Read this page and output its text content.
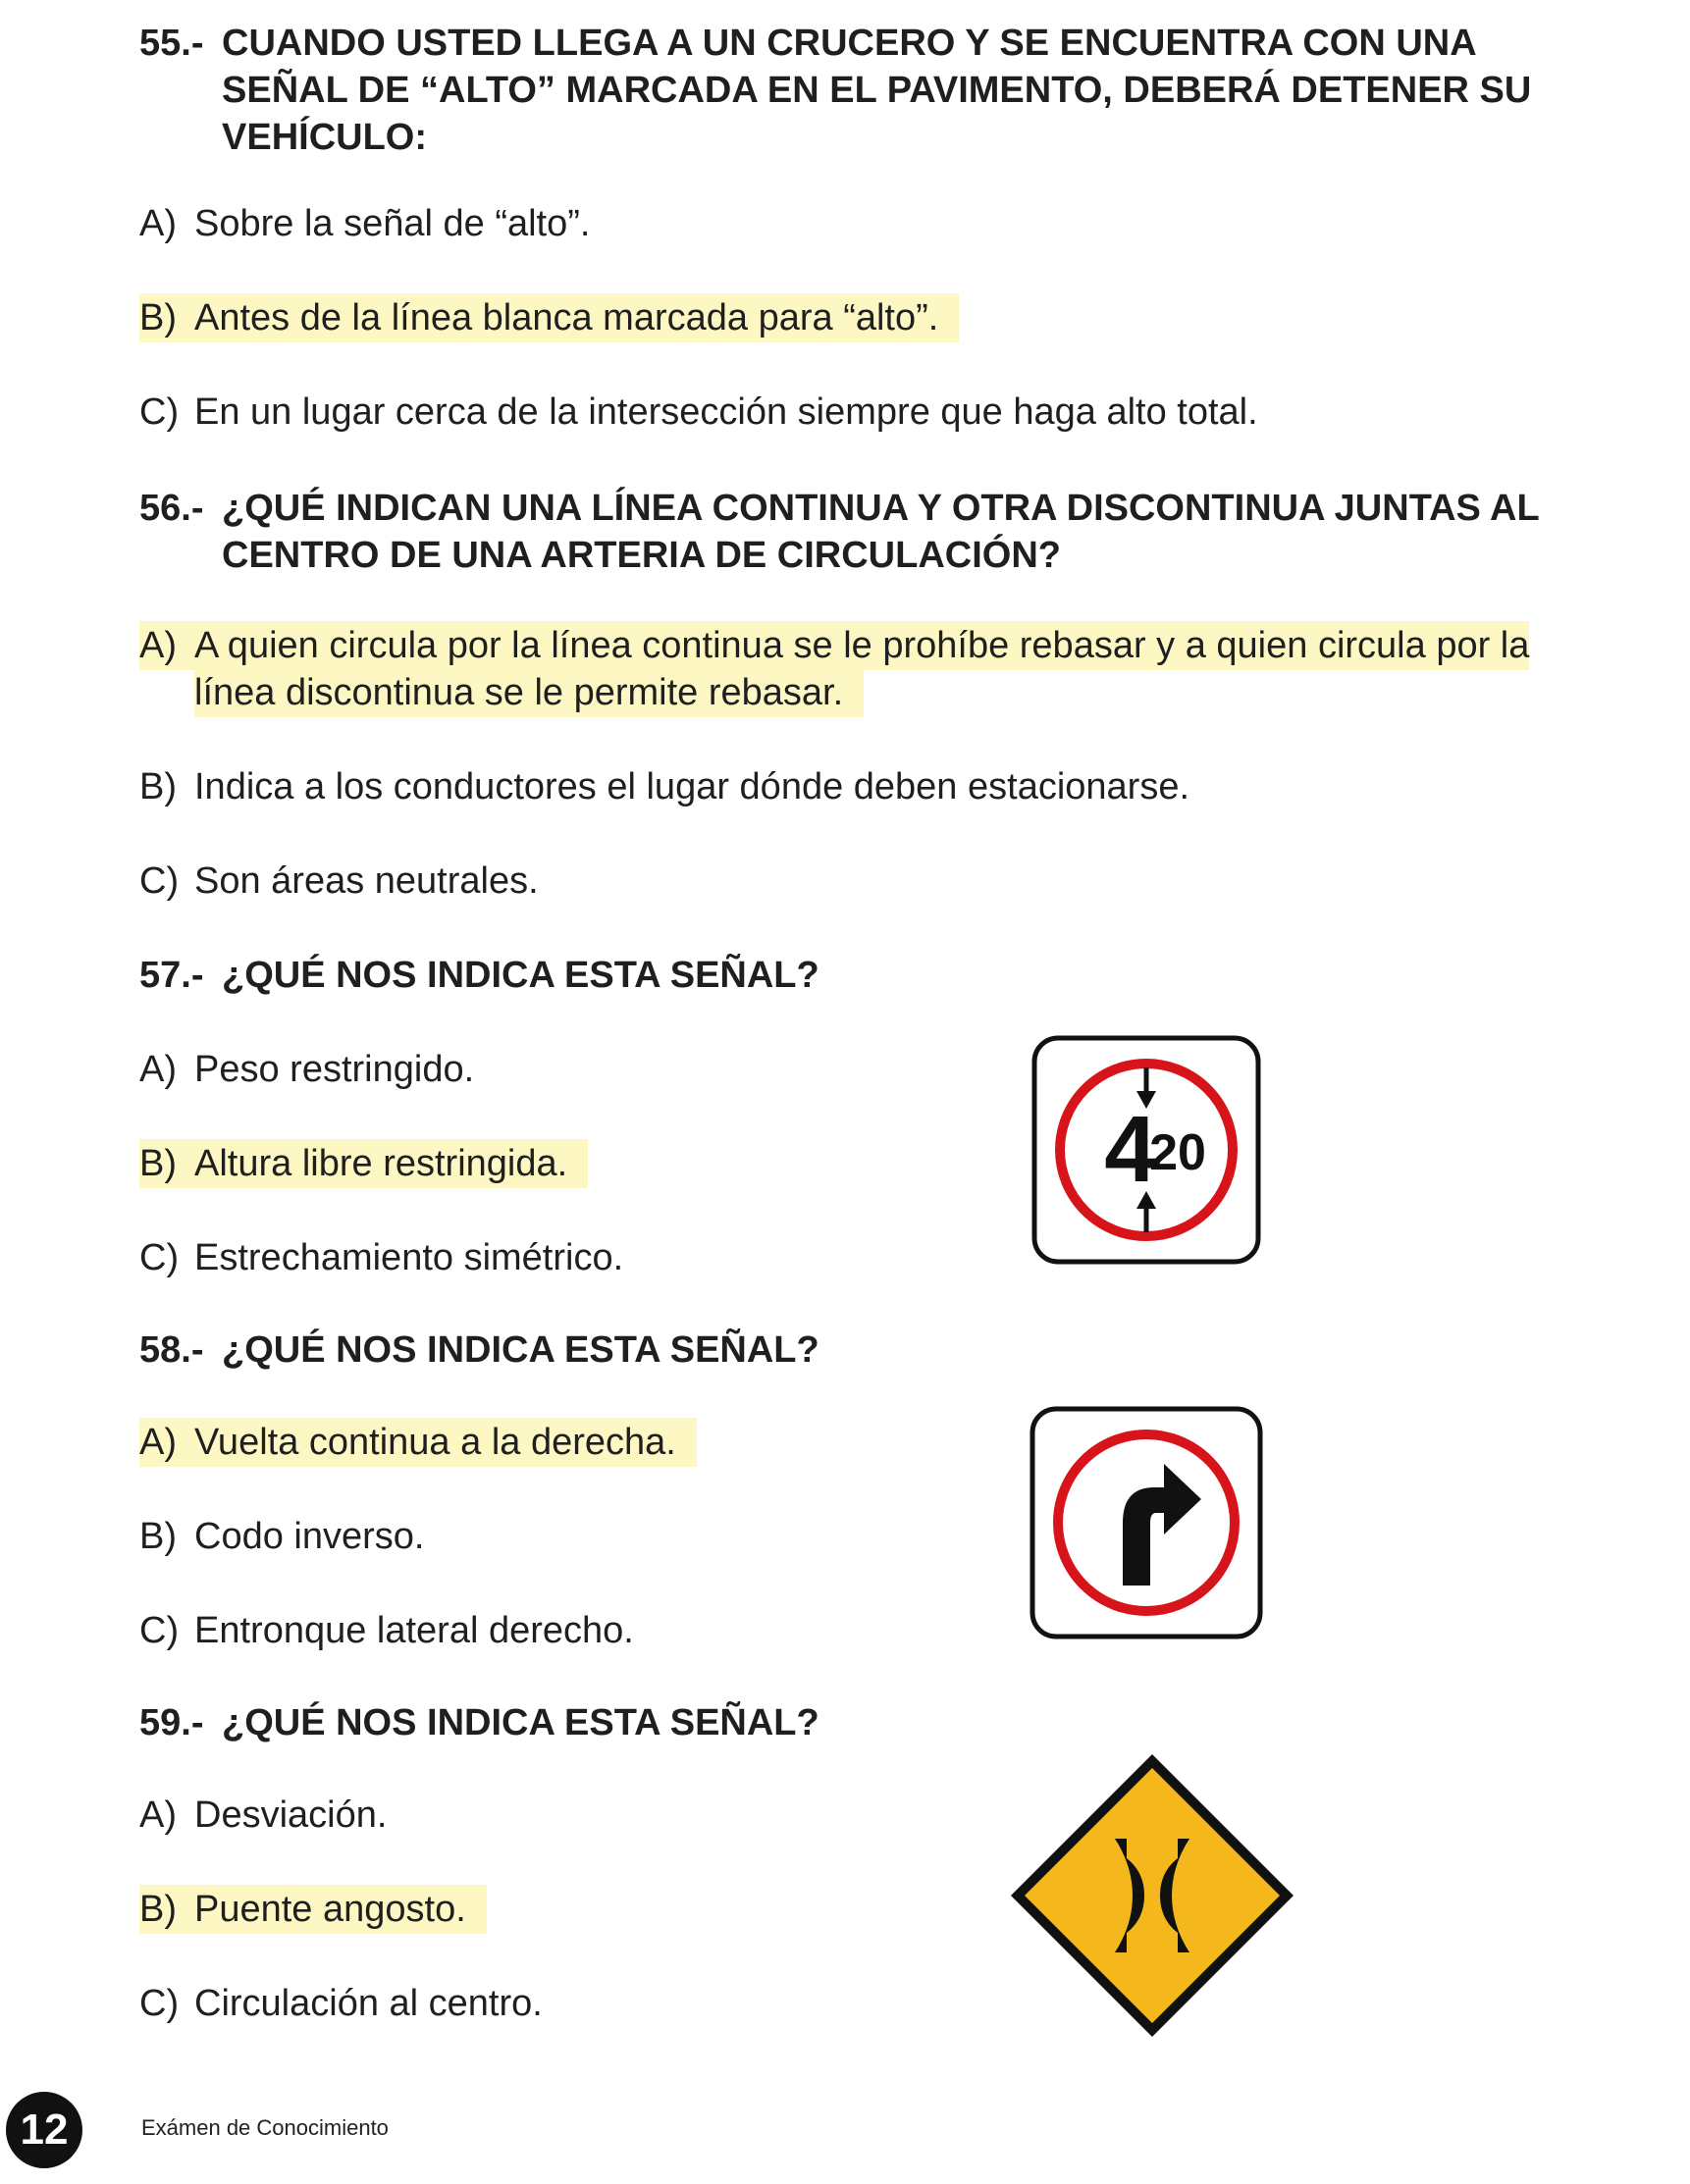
55.- CUANDO USTED LLEGA A UN CRUCERO Y SE ENCUENTRA CON UNA
SEÑAL DE “ALTO” MARCADA EN EL PAVIMENTO, DEBERÁ DETENER SU
VEHÍCULO:
A) Sobre la señal de “alto”.
B) Antes de la línea blanca marcada para “alto”.
C) En un lugar cerca de la intersección siempre que haga alto total.
56.- ¿QUÉ INDICAN UNA LÍNEA CONTINUA Y OTRA DISCONTINUA JUNTAS AL
CENTRO DE UNA ARTERIA DE CIRCULACIÓN?
A) A quien circula por la línea continua se le prohíbe rebasar y a quien circula por la
línea discontinua se le permite rebasar.
B) Indica a los conductores el lugar dónde deben estacionarse.
C) Son áreas neutrales.
57.- ¿QUÉ NOS INDICA ESTA SEÑAL?
A) Peso restringido.
B) Altura libre restringida.
C) Estrechamiento simétrico.
4
20
58.- ¿QUÉ NOS INDICA ESTA SEÑAL?
A) Vuelta continua a la derecha.
B) Codo inverso.
C) Entronque lateral derecho.
59.- ¿QUÉ NOS INDICA ESTA SEÑAL?
A) Desviación.
B) Puente angosto.
C) Circulación al centro.
12	Exámen de Conocimiento
